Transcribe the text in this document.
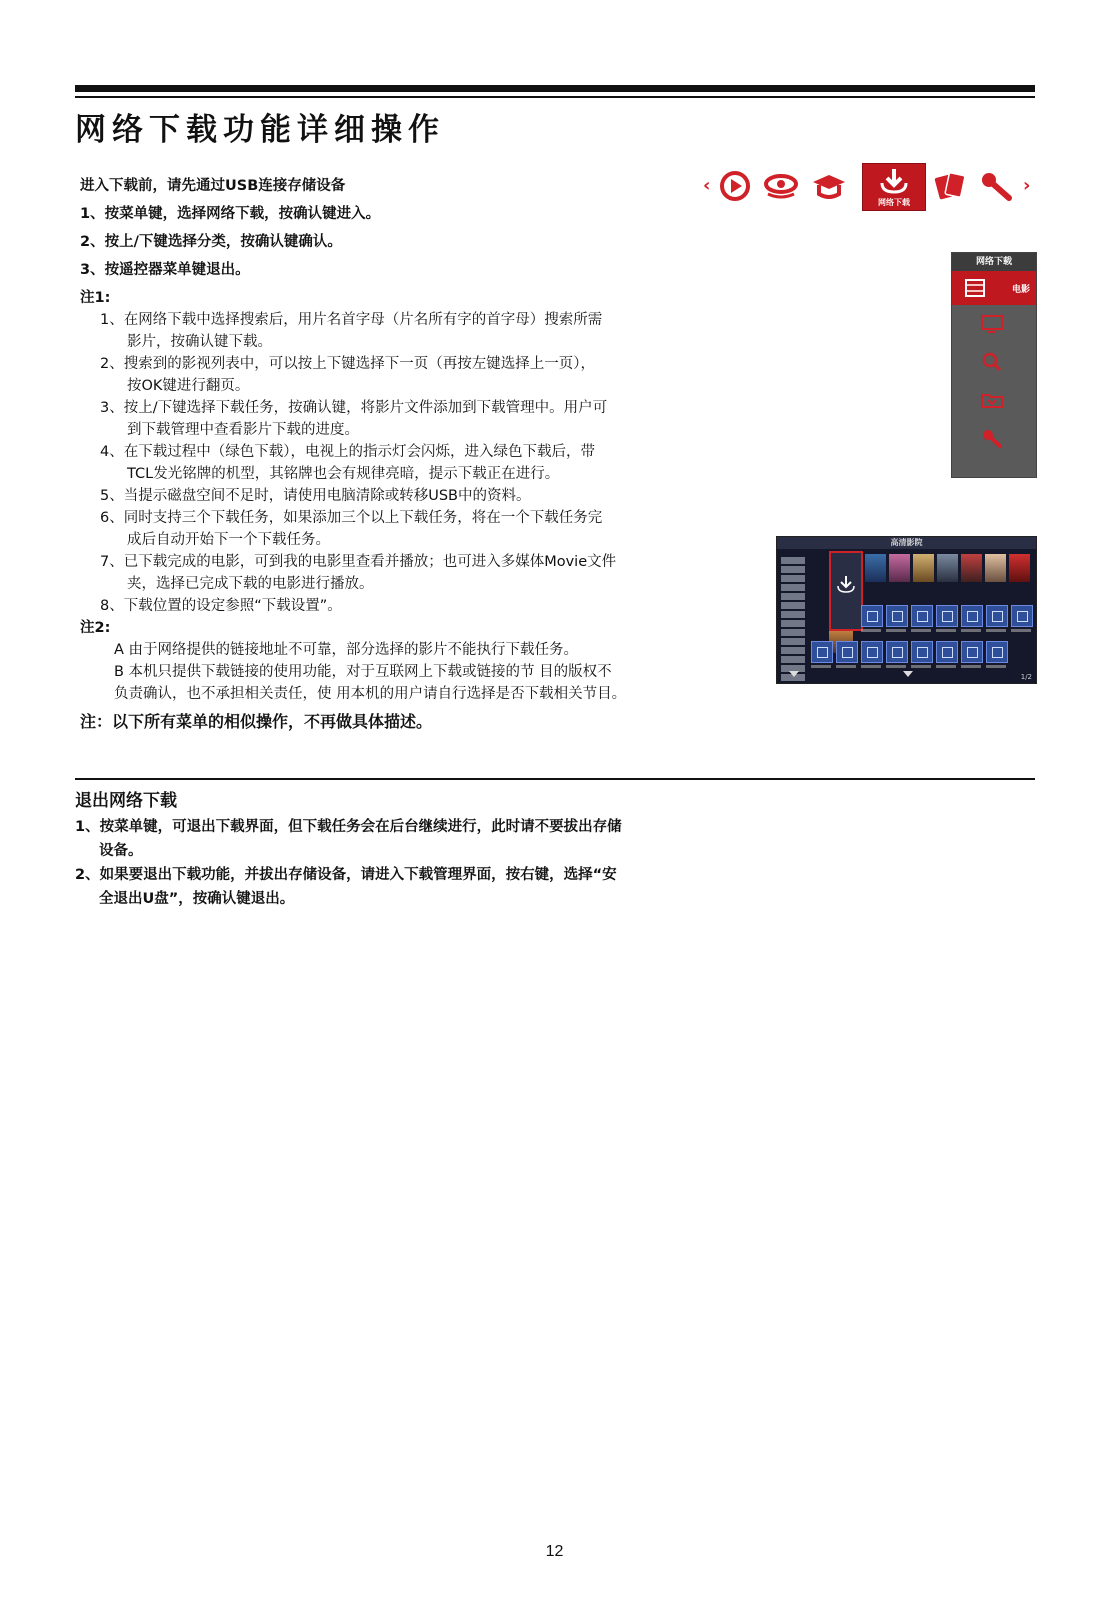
网络下载功能详细操作
进入下载前，请先通过USB连接存储设备
1、按菜单键，选择网络下载，按确认键进入。
2、按上/下键选择分类，按确认键确认。
3、按遥控器菜单键退出。
注1:
1、在网络下载中选择搜索后，用片名首字母（片名所有字的首字母）搜索所需
影片，按确认键下载。
2、搜索到的影视列表中，可以按上下键选择下一页（再按左键选择上一页），
按OK键进行翻页。
3、按上/下键选择下载任务，按确认键，将影片文件添加到下载管理中。用户可
到下载管理中查看影片下载的进度。
4、在下载过程中（绿色下载），电视上的指示灯会闪烁，进入绿色下载后，带
TCL发光铭牌的机型，其铭牌也会有规律亮暗，提示下载正在进行。
5、当提示磁盘空间不足时，请使用电脑清除或转移USB中的资料。
6、同时支持三个下载任务，如果添加三个以上下载任务，将在一个下载任务完
成后自动开始下一个下载任务。
7、已下载完成的电影，可到我的电影里查看并播放；也可进入多媒体Movie文件
夹，选择已完成下载的电影进行播放。
8、下载位置的设定参照“下载设置”。
注2:
A 由于网络提供的链接地址不可靠，部分选择的影片不能执行下载任务。
B 本机只提供下载链接的使用功能，对于互联网上下载或链接的节 目的版权不
负责确认，也不承担相关责任，使 用本机的用户请自行选择是否下载相关节目。
注：以下所有菜单的相似操作，不再做具体描述。
‹
网络下载
›
网络下载
电影
高清影院
1/2
退出网络下载
1、按菜单键，可退出下载界面，但下载任务会在后台继续进行，此时请不要拔出存储
设备。
2、如果要退出下载功能，并拔出存储设备，请进入下载管理界面，按右键，选择“安
全退出U盘”，按确认键退出。
12
